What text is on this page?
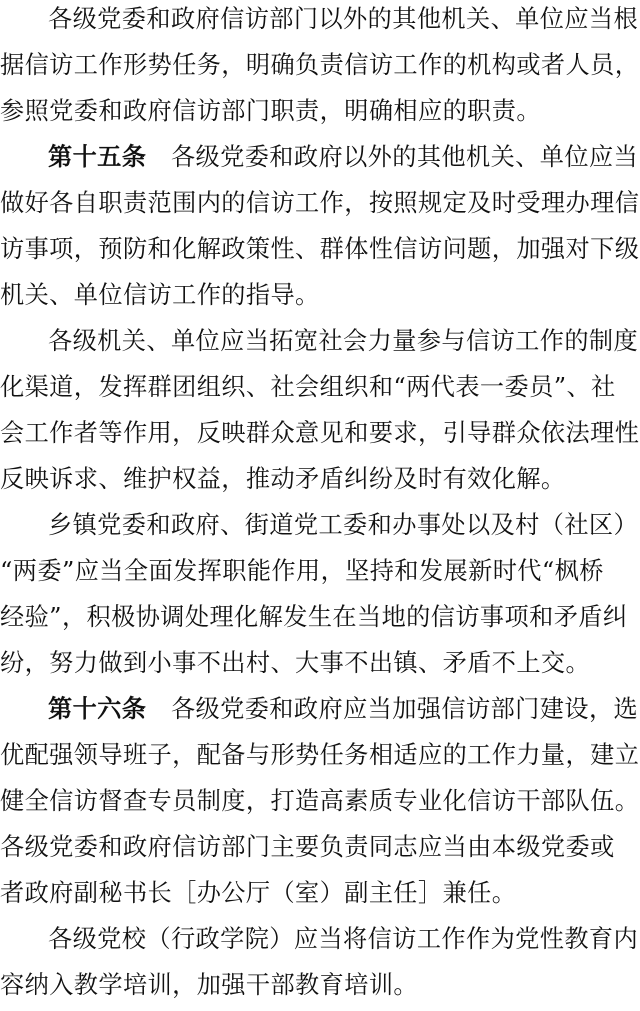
各级党委和政府信访部门以外的其他机关、单位应当根
据信访工作形势任务，明确负责信访工作的机构或者人员，
参照党委和政府信访部门职责，明确相应的职责。
第十五条　 各级党委和政府以外的其他机关、单位应当
做好各自职责范围内的信访工作，按照规定及时受理办理信
访事项，预防和化解政策性、群体性信访问题，加强对下级
机关、单位信访工作的指导。
各级机关、单位应当拓宽社会力量参与信访工作的制度
化渠道，发挥群团组织、社会组织和“两代表一委员”、社
会工作者等作用，反映群众意见和要求，引导群众依法理性
反映诉求、维护权益，推动矛盾纠纷及时有效化解。
乡镇党委和政府、街道党工委和办事处以及村（社区）
“两委”应当全面发挥职能作用，坚持和发展新时代“枫桥
经验”，积极协调处理化解发生在当地的信访事项和矛盾纠
纷，努力做到小事不出村、大事不出镇、矛盾不上交。
第十六条　 各级党委和政府应当加强信访部门建设，选
优配强领导班子，配备与形势任务相适应的工作力量，建立
健全信访督查专员制度，打造高素质专业化信访干部队伍。
各级党委和政府信访部门主要负责同志应当由本级党委或
者政府副秘书长［办公厅（室）副主任］兼任。
各级党校（行政学院）应当将信访工作作为党性教育内
容纳入教学培训，加强干部教育培训。
